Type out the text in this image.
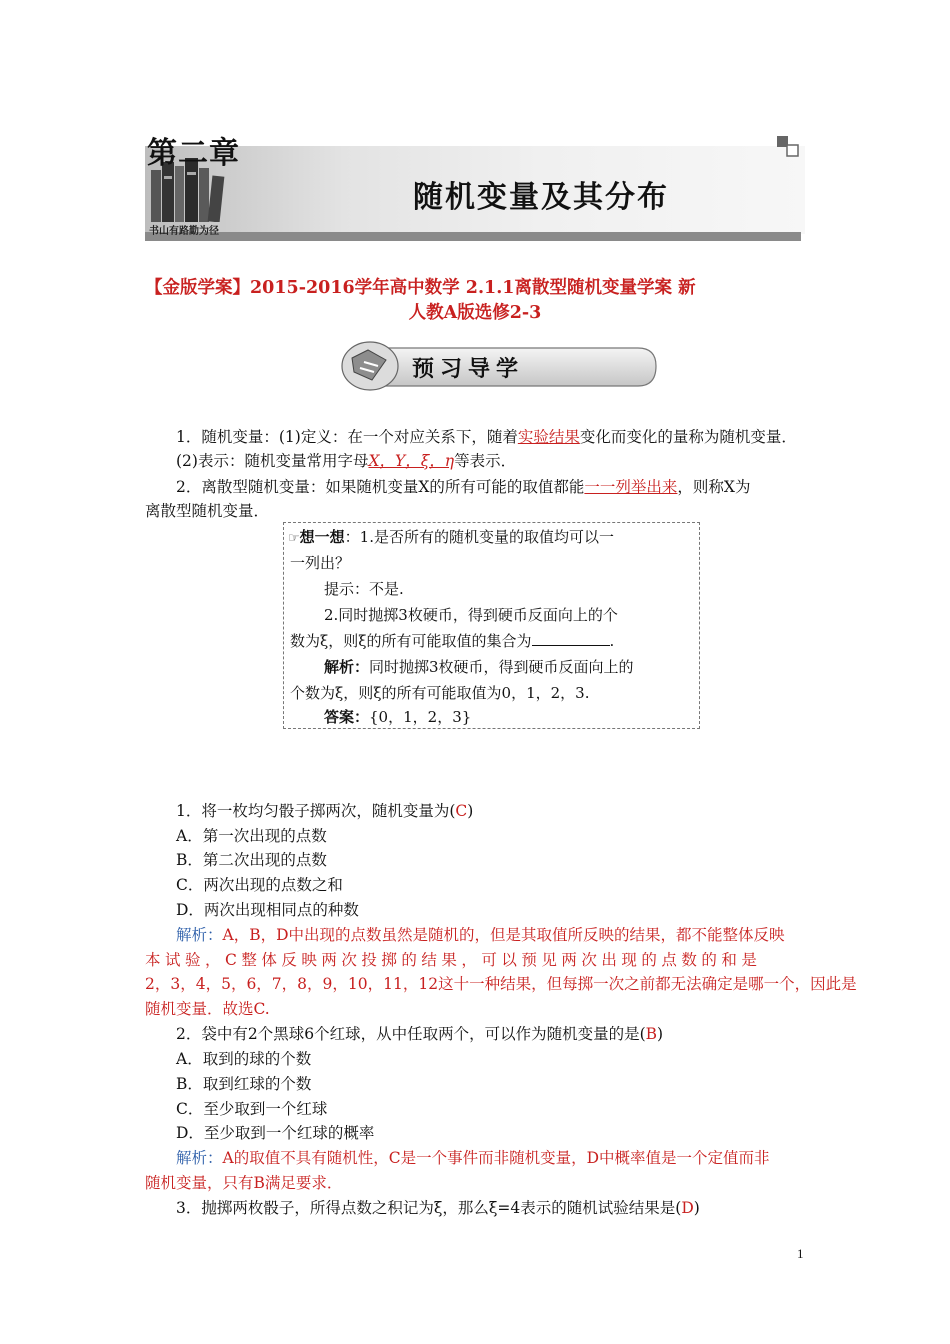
第二章
随机变量及其分布
书山有路勤为径
【金版学案】2015-2016学年高中数学 2.1.1离散型随机变量学案 新
人教A版选修2-3
预习导学
1．随机变量：(1)定义：在一个对应关系下，随着实验结果变化而变化的量称为随机变量．
(2)表示：随机变量常用字母X，Y，ξ，η等表示．
2．离散型随机变量：如果随机变量X的所有可能的取值都能一一列举出来，则称X为
离散型随机变量．
☞想一想：1.是否所有的随机变量的取值均可以一
一列出？
提示：不是.
2.同时抛掷3枚硬币，得到硬币反面向上的个
数为ξ，则ξ的所有可能取值的集合为	.
解析：同时抛掷3枚硬币，得到硬币反面向上的
个数为ξ，则ξ的所有可能取值为0，1，2，3.
答案：{0，1，2，3}
1．将一枚均匀骰子掷两次，随机变量为(C)
A．第一次出现的点数
B．第二次出现的点数
C．两次出现的点数之和
D．两次出现相同点的种数
解析：A，B，D中出现的点数虽然是随机的，但是其取值所反映的结果，都不能整体反映
本试验，C整体反映两次投掷的结果，可以预见两次出现的点数的和是
2，3，4，5，6，7，8，9，10，11，12这十一种结果，但每掷一次之前都无法确定是哪一个，因此是
随机变量．故选C.
2．袋中有2个黑球6个红球，从中任取两个，可以作为随机变量的是(B)
A．取到的球的个数
B．取到红球的个数
C．至少取到一个红球
D．至少取到一个红球的概率
解析：A的取值不具有随机性，C是一个事件而非随机变量，D中概率值是一个定值而非
随机变量，只有B满足要求．
3．抛掷两枚骰子，所得点数之积记为ξ，那么ξ=4表示的随机试验结果是(D)
1
